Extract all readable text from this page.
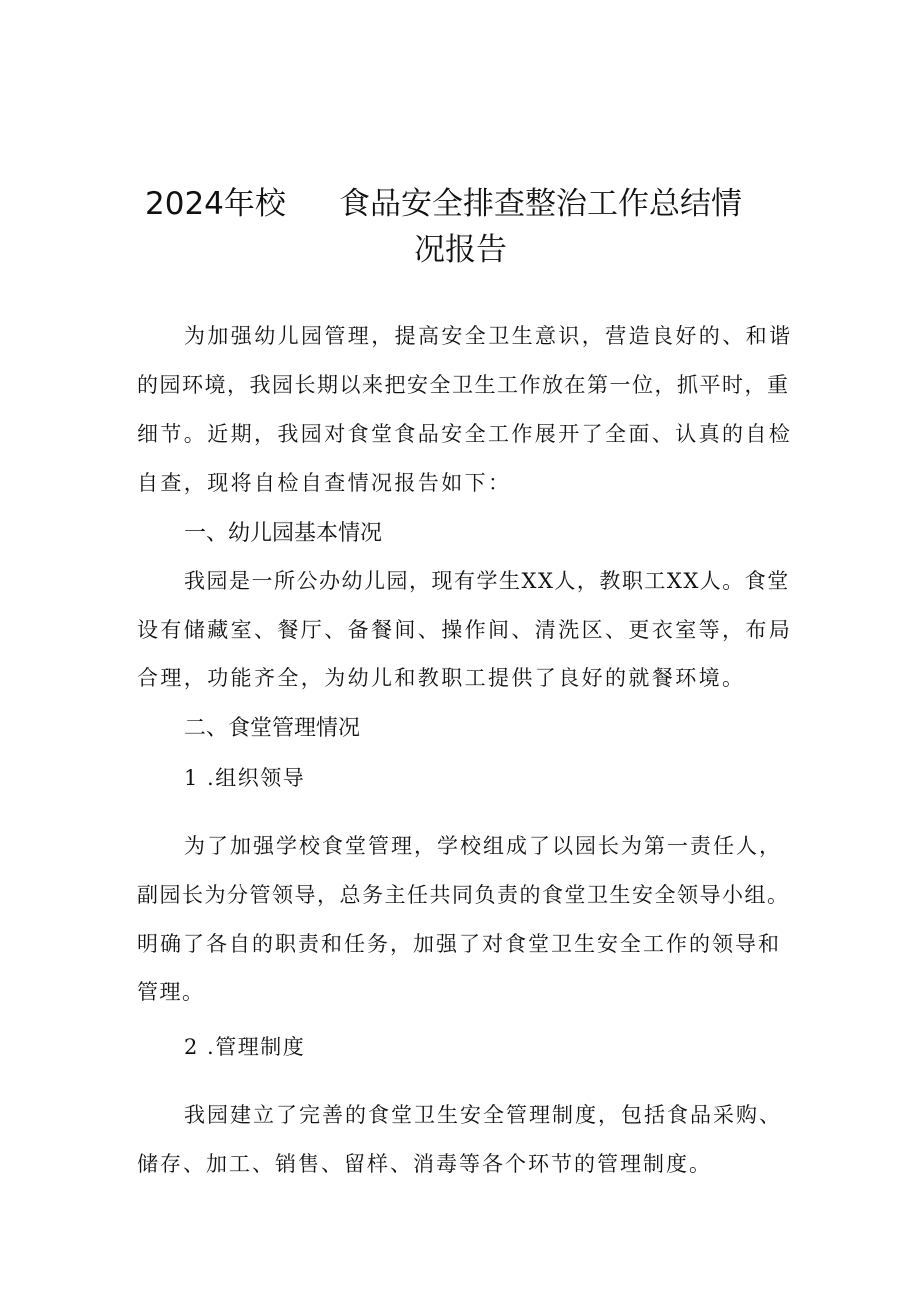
2024年校 食品安全排查整治工作总结情
况报告
为加强幼儿园管理，提高安全卫生意识，营造良好的、和谐
的园环境，我园长期以来把安全卫生工作放在第一位，抓平时，重
细节。近期，我园对食堂食品安全工作展开了全面、认真的自检
自查，现将自检自查情况报告如下：
一、幼儿园基本情况
我园是一所公办幼儿园，现有学生XX人，教职工XX人。食堂
设有储藏室、餐厅、备餐间、操作间、清洗区、更衣室等，布局
合理，功能齐全，为幼儿和教职工提供了良好的就餐环境。
二、食堂管理情况
1 .组织领导
为了加强学校食堂管理，学校组成了以园长为第一责任人，
副园长为分管领导，总务主任共同负责的食堂卫生安全领导小组。
明确了各自的职责和任务，加强了对食堂卫生安全工作的领导和
管理。
2 .管理制度
我园建立了完善的食堂卫生安全管理制度，包括食品采购、
储存、加工、销售、留样、消毒等各个环节的管理制度。
